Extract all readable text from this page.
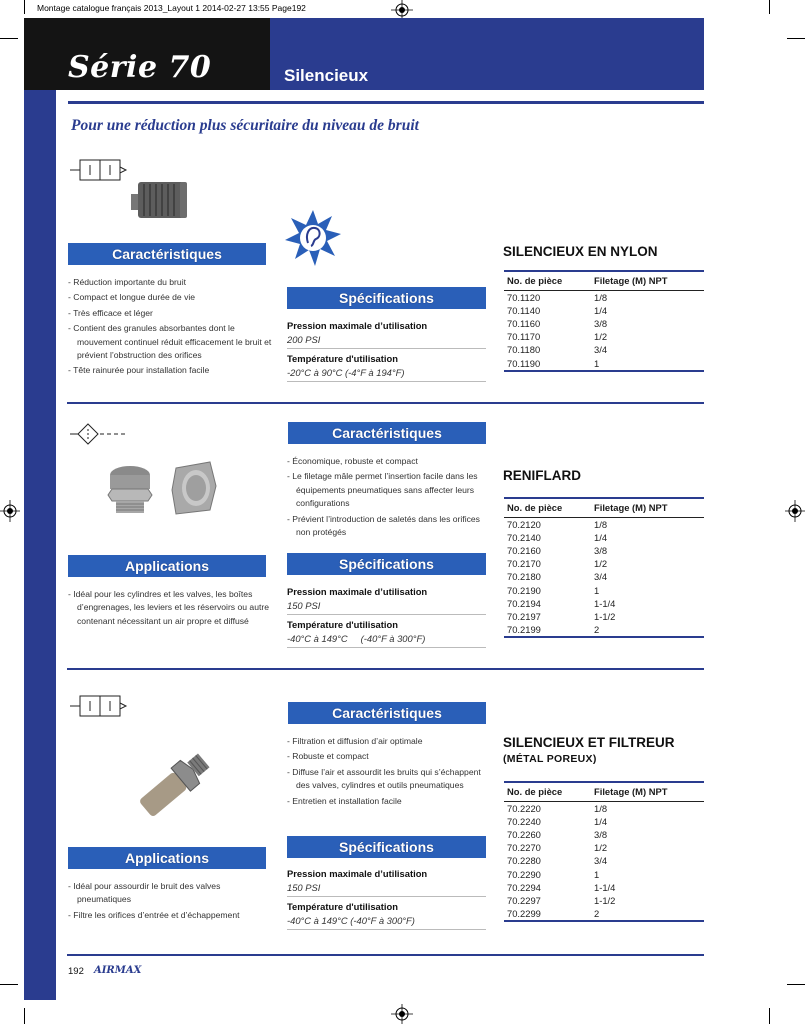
Montage catalogue français 2013_Layout 1 2014-02-27 13:55 Page192
Série 70	Silencieux
Pour une réduction plus sécuritaire du niveau de bruit
Caractéristiques
- Réduction importante du bruit
- Compact et longue durée de vie
- Très efficace et léger
- Contient des granules absorbantes dont le mouvement continuel réduit efficacement le bruit et prévient l’obstruction des orifices
- Tête rainurée pour installation facile
Spécifications
Pression maximale d’utilisation
200 PSI
Température d'utilisation
-20°C à 90°C (-4°F à 194°F)
SILENCIEUX EN NYLON
No. de pièce	Filetage (M) NPT
70.1120	1/8
70.1140	1/4
70.1160	3/8
70.1170	1/2
70.1180	3/4
70.1190	1
Caractéristiques
- Économique, robuste et compact
- Le filetage mâle permet l’insertion facile dans les équipements pneumatiques sans affecter leurs configurations
- Prévient l’introduction de saletés dans les orifices non protégés
Applications
- Idéal pour les cylindres et les valves, les boîtes d’engrenages, les leviers et les réservoirs ou autre contenant nécessitant un air propre et diffusé
Spécifications
Pression maximale d’utilisation
150 PSI
Température d'utilisation
-40°C à 149°C     (-40°F à 300°F)
RENIFLARD
No. de pièce	Filetage (M) NPT
70.2120	1/8
70.2140	1/4
70.2160	3/8
70.2170	1/2
70.2180	3/4
70.2190	1
70.2194	1-1/4
70.2197	1-1/2
70.2199	2
Caractéristiques
- Filtration et diffusion d’air optimale
- Robuste et compact
- Diffuse l’air et assourdit les bruits qui s’échappent des valves, cylindres et outils pneumatiques
- Entretien et installation facile
Applications
- Idéal pour assourdir le bruit des valves pneumatiques
- Filtre les orifices d’entrée et d’échappement
Spécifications
Pression maximale d’utilisation
150 PSI
Température d'utilisation
-40°C à 149°C (-40°F à 300°F)
SILENCIEUX ET FILTREUR
(MÉTAL POREUX)
No. de pièce	Filetage (M) NPT
70.2220	1/8
70.2240	1/4
70.2260	3/8
70.2270	1/2
70.2280	3/4
70.2290	1
70.2294	1-1/4
70.2297	1-1/2
70.2299	2
192 AIRMAX
